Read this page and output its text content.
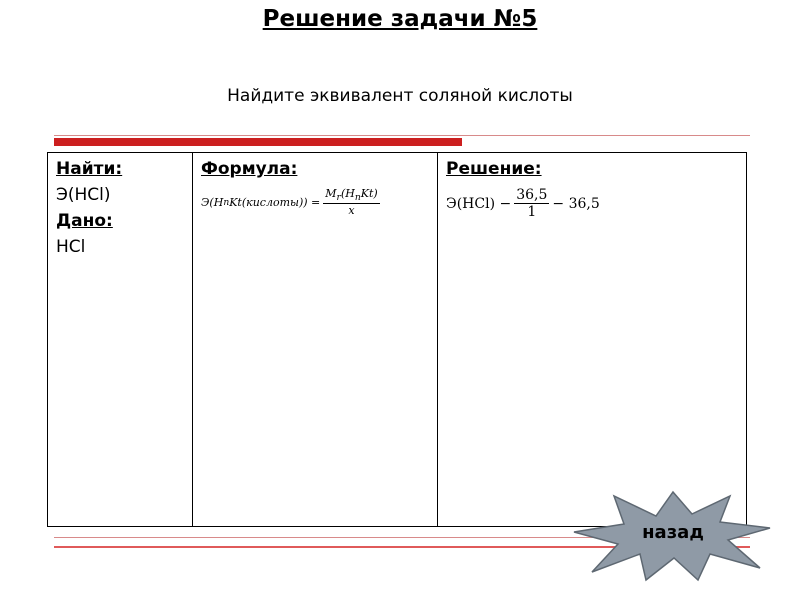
Решение задачи №5
Найдите эквивалент соляной кислоты
Найти:
Э(HCl)
Дано:
HCl

Формула:
Э(H n Kt (кислоты)) = $\frac{M_r(H_nKt)}{x}$

Решение:
$Э(HCl) - \frac{36,5}{1} - 36,5$
назад
